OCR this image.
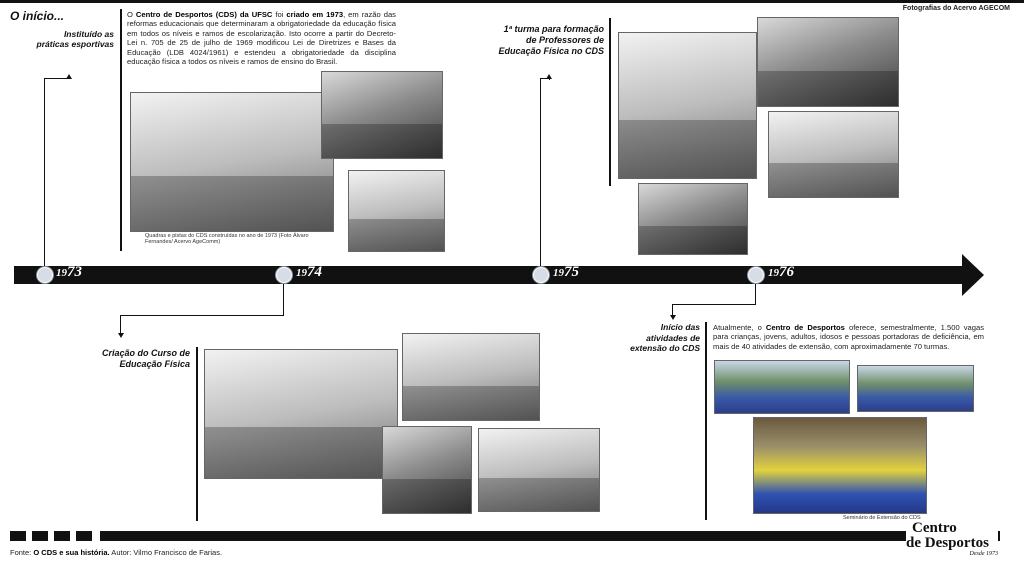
Fotografias do Acervo AGECOM
O início...
Instituído as
práticas esportivas
O Centro de Desportos (CDS) da UFSC foi criado em 1973, em razão das reformas educacionais que determinaram a obrigatoriedade da educação física em todos os níveis e ramos de escolarização. Isto ocorre a partir do Decreto-Lei n. 705 de 25 de julho de 1969 modificou Lei de Diretrizes e Bases da Educação (LDB 4024/1961) e estendeu a obrigatoriedade da disciplina educação física a todos os níveis e ramos de ensino do Brasil.
Quadras e pistas do CDS construídas no ano de 1973 (Foto Álvaro Fernandes/ Acervo AgeComm)
1ª turma para formação
de Professores de
Educação Física no CDS
1973	1974	1975	1976
Criação do Curso de
Educação Física
Início das
atividades de
extensão do CDS
Atualmente, o Centro de Desportos oferece, semestralmente, 1.500 vagas para crianças, jovens, adultos, idosos e pessoas portadoras de deficiência, em mais de 40 atividades de extensão, com aproximadamente 70 turmas.
Seminário de Extensão do CDS
Fonte: O CDS e sua história. Autor: Vilmo Francisco de Farias.
Centro
de Desportos
Desde 1973
